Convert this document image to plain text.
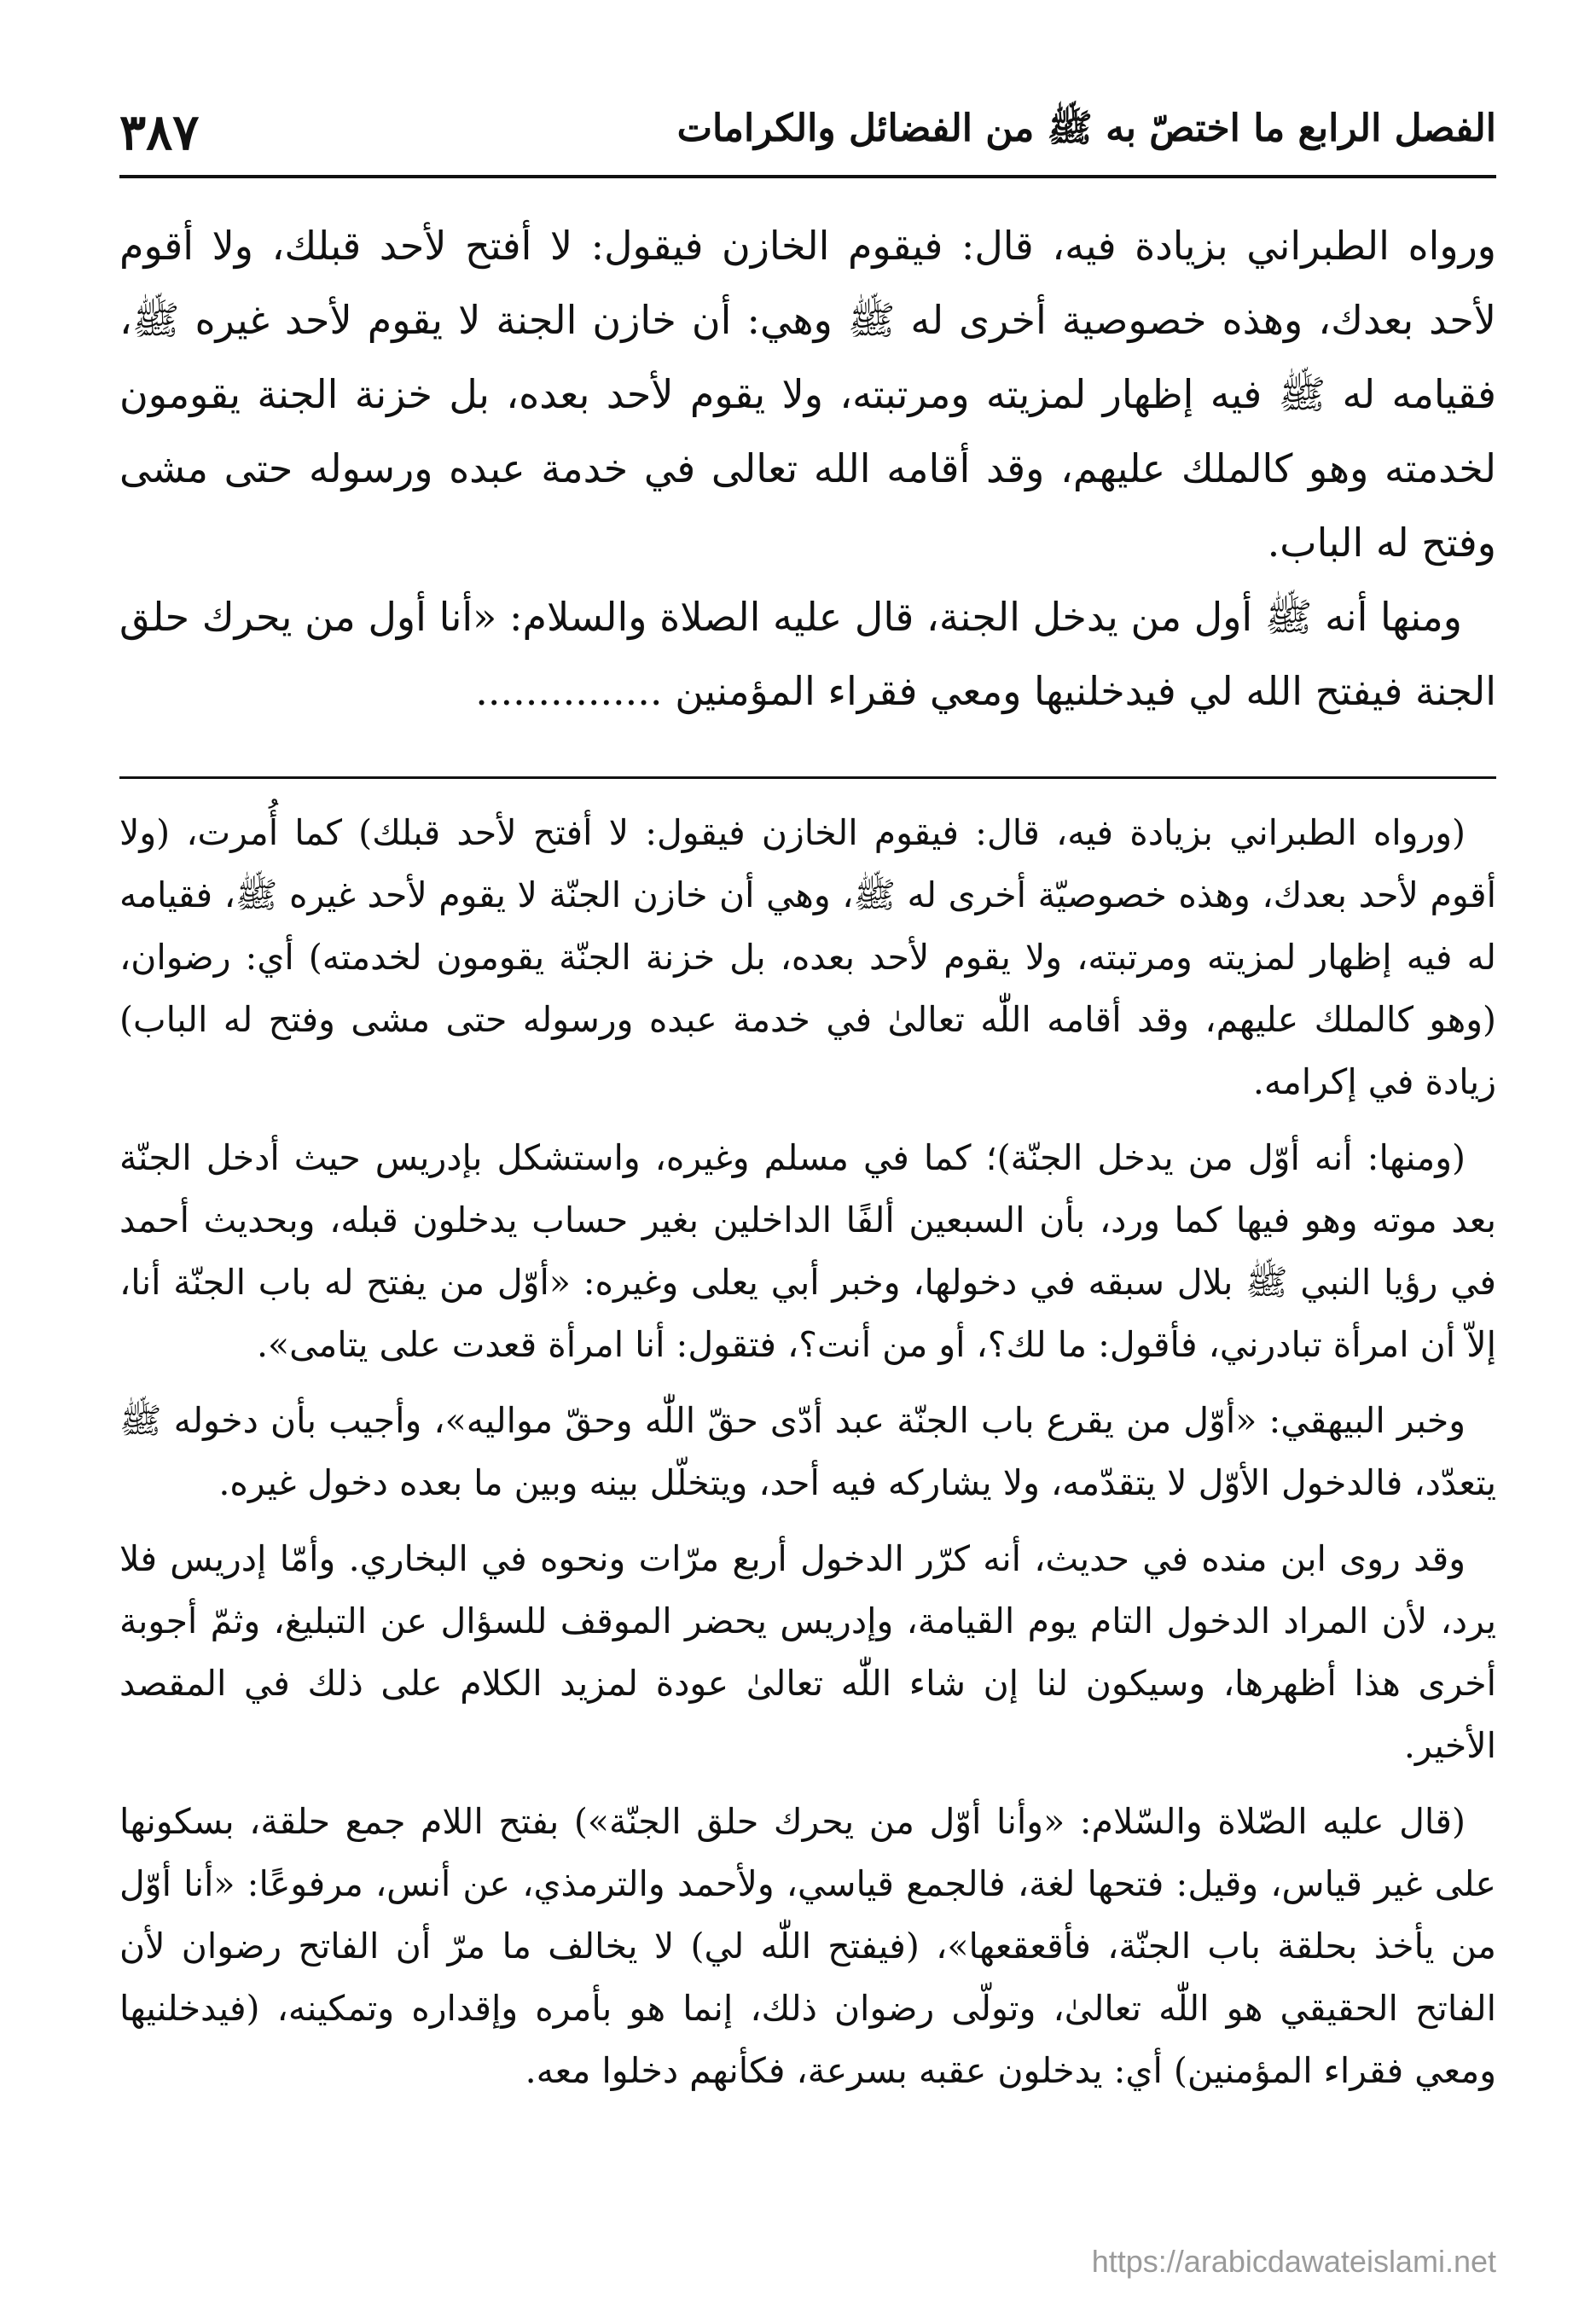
الفصل الرابع ما اختصّ به ﷺ من الفضائل والكرامات
٣٨٧

ورواه الطبراني بزيادة فيه، قال: فيقوم الخازن فيقول: لا أفتح لأحد قبلك، ولا أقوم لأحد بعدك، وهذه خصوصية أخرى له ﷺ وهي: أن خازن الجنة لا يقوم لأحد غيره ﷺ، فقيامه له ﷺ فيه إظهار لمزيته ومرتبته، ولا يقوم لأحد بعده، بل خزنة الجنة يقومون لخدمته وهو كالملك عليهم، وقد أقامه الله تعالى في خدمة عبده ورسوله حتى مشى وفتح له الباب.

ومنها أنه ﷺ أول من يدخل الجنة، قال عليه الصلاة والسلام: «أنا أول من يحرك حلق الجنة فيفتح الله لي فيدخلنيها ومعي فقراء المؤمنين ...............

(ورواه الطبراني بزيادة فيه، قال: فيقوم الخازن فيقول: لا أفتح لأحد قبلك) كما أُمرت، (ولا أقوم لأحد بعدك، وهذه خصوصيّة أخرى له ﷺ، وهي أن خازن الجنّة لا يقوم لأحد غيره ﷺ، فقيامه له فيه إظهار لمزيته ومرتبته، ولا يقوم لأحد بعده، بل خزنة الجنّة يقومون لخدمته) أي: رضوان، (وهو كالملك عليهم، وقد أقامه اللّٰه تعالىٰ في خدمة عبده ورسوله حتى مشى وفتح له الباب) زيادة في إكرامه.

(ومنها: أنه أوّل من يدخل الجنّة)؛ كما في مسلم وغيره، واستشكل بإدريس حيث أدخل الجنّة بعد موته وهو فيها كما ورد، بأن السبعين ألفًا الداخلين بغير حساب يدخلون قبله، وبحديث أحمد في رؤيا النبي ﷺ بلال سبقه في دخولها، وخبر أبي يعلى وغيره: «أوّل من يفتح له باب الجنّة أنا، إلاّ أن امرأة تبادرني، فأقول: ما لك؟، أو من أنت؟، فتقول: أنا امرأة قعدت على يتامى».

وخبر البيهقي: «أوّل من يقرع باب الجنّة عبد أدّى حقّ اللّٰه وحقّ مواليه»، وأجيب بأن دخوله ﷺ يتعدّد، فالدخول الأوّل لا يتقدّمه، ولا يشاركه فيه أحد، ويتخلّل بينه وبين ما بعده دخول غيره.

وقد روى ابن منده في حديث، أنه كرّر الدخول أربع مرّات ونحوه في البخاري. وأمّا إدريس فلا يرد، لأن المراد الدخول التام يوم القيامة، وإدريس يحضر الموقف للسؤال عن التبليغ، وثمّ أجوبة أخرى هذا أظهرها، وسيكون لنا إن شاء اللّٰه تعالىٰ عودة لمزيد الكلام على ذلك في المقصد الأخير.

(قال عليه الصّلاة والسّلام: «وأنا أوّل من يحرك حلق الجنّة») بفتح اللام جمع حلقة، بسكونها على غير قياس، وقيل: فتحها لغة، فالجمع قياسي، ولأحمد والترمذي، عن أنس، مرفوعًا: «أنا أوّل من يأخذ بحلقة باب الجنّة، فأقعقعها»، (فيفتح اللّٰه لي) لا يخالف ما مرّ أن الفاتح رضوان لأن الفاتح الحقيقي هو اللّٰه تعالىٰ، وتولّى رضوان ذلك، إنما هو بأمره وإقداره وتمكينه، (فيدخلنيها ومعي فقراء المؤمنين) أي: يدخلون عقبه بسرعة، فكأنهم دخلوا معه.

https://arabicdawateislami.net
